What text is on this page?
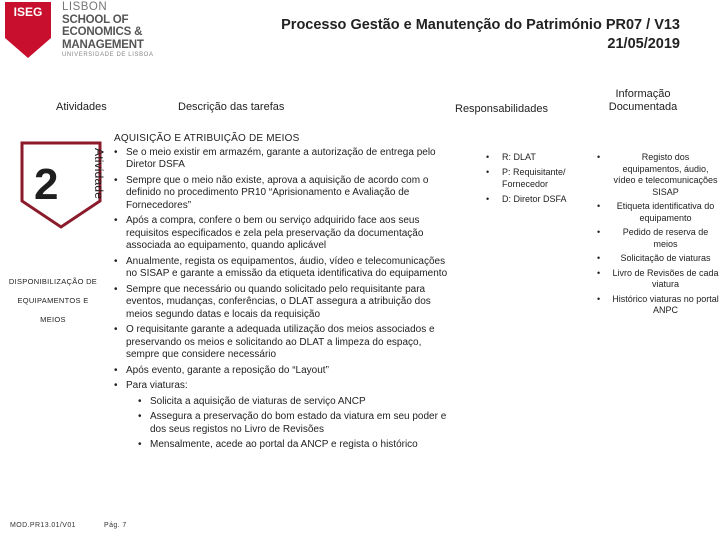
ISEG LISBON
SCHOOL OF
ECONOMICS &
MANAGEMENT
UNIVERSIDADE DE LISBOA
Processo Gestão e Manutenção do Património PR07 / V13
21/05/2019
Atividades	Descrição das tarefas	Responsabilidades
Informação
Documentada
2	Atividade
DISPONIBILIZAÇÃO DE
EQUIPAMENTOS E
MEIOS
AQUISIÇÃO E ATRIBUIÇÃO DE MEIOS
• Se o meio existir em armazém, garante a autorização de entrega pelo Diretor DSFA
• Sempre que o meio não existe, aprova a aquisição de acordo com o definido no procedimento PR10 “Aprisionamento e Avaliação de Fornecedores”
• Após a compra, confere o bem ou serviço adquirido face aos seus requisitos especificados e zela pela preservação da documentação associada ao equipamento, quando aplicável
• Anualmente, regista os equipamentos, áudio, vídeo e telecomunicações no SISAP e garante a emissão da etiqueta identificativa do equipamento
• Sempre que necessário ou quando solicitado pelo requisitante para eventos, mudanças, conferências, o DLAT assegura a atribuição dos meios segundo datas e locais da requisição
• O requisitante garante a adequada utilização dos meios associados e preservando os meios e solicitando ao DLAT a limpeza do espaço, sempre que considere necessário
• Após evento, garante a reposição do “Layout”
• Para viaturas:
• Solicita a aquisição de viaturas de serviço ANCP
• Assegura a preservação do bom estado da viatura em seu poder e dos seus registos no Livro de Revisões
• Mensalmente, acede ao portal da ANCP e regista o histórico
• R: DLAT
• P: Requisitante/ Fornecedor
• D: Diretor DSFA
• Registo dos equipamentos, áudio, vídeo e telecomunicações SISAP
• Etiqueta identificativa do equipamento
• Pedido de reserva de meios
• Solicitação de viaturas
• Livro de Revisões de cada viatura
• Histórico viaturas no portal ANPC
MOD.PR13.01/V01	Pág. 7
